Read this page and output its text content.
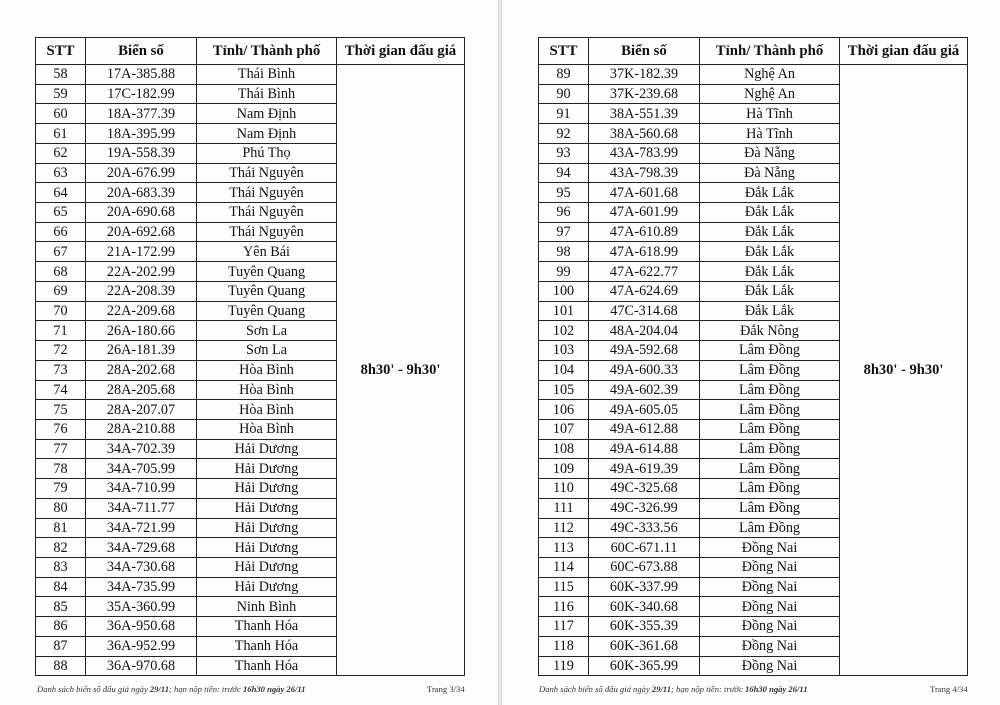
STT	Biển số	Tỉnh/ Thành phố	Thời gian đấu giá
58	17A-385.88	Thái Bình	8h30' - 9h30'
59	17C-182.99	Thái Bình	
60	18A-377.39	Nam Định	
61	18A-395.99	Nam Định	
62	19A-558.39	Phú Thọ	
63	20A-676.99	Thái Nguyên	
64	20A-683.39	Thái Nguyên	
65	20A-690.68	Thái Nguyên	
66	20A-692.68	Thái Nguyên	
67	21A-172.99	Yên Bái	
68	22A-202.99	Tuyên Quang	
69	22A-208.39	Tuyên Quang	
70	22A-209.68	Tuyên Quang	
71	26A-180.66	Sơn La	
72	26A-181.39	Sơn La	
73	28A-202.68	Hòa Bình	
74	28A-205.68	Hòa Bình	
75	28A-207.07	Hòa Bình	
76	28A-210.88	Hòa Bình	
77	34A-702.39	Hải Dương	
78	34A-705.99	Hải Dương	
79	34A-710.99	Hải Dương	
80	34A-711.77	Hải Dương	
81	34A-721.99	Hải Dương	
82	34A-729.68	Hải Dương	
83	34A-730.68	Hải Dương	
84	34A-735.99	Hải Dương	
85	35A-360.99	Ninh Bình	
86	36A-950.68	Thanh Hóa	
87	36A-952.99	Thanh Hóa	
88	36A-970.68	Thanh Hóa	
Danh sách biển số đấu giá ngày 29/11; hạn nộp tiền: trước 16h30 ngày 26/11	Trang 3/34
STT	Biển số	Tỉnh/ Thành phố	Thời gian đấu giá
89	37K-182.39	Nghệ An	8h30' - 9h30'
90	37K-239.68	Nghệ An	
91	38A-551.39	Hà Tĩnh	
92	38A-560.68	Hà Tĩnh	
93	43A-783.99	Đà Nẵng	
94	43A-798.39	Đà Nẵng	
95	47A-601.68	Đắk Lắk	
96	47A-601.99	Đắk Lắk	
97	47A-610.89	Đắk Lắk	
98	47A-618.99	Đắk Lắk	
99	47A-622.77	Đắk Lắk	
100	47A-624.69	Đắk Lắk	
101	47C-314.68	Đắk Lắk	
102	48A-204.04	Đắk Nông	
103	49A-592.68	Lâm Đồng	
104	49A-600.33	Lâm Đồng	
105	49A-602.39	Lâm Đồng	
106	49A-605.05	Lâm Đồng	
107	49A-612.88	Lâm Đồng	
108	49A-614.88	Lâm Đồng	
109	49A-619.39	Lâm Đồng	
110	49C-325.68	Lâm Đồng	
111	49C-326.99	Lâm Đồng	
112	49C-333.56	Lâm Đồng	
113	60C-671.11	Đồng Nai	
114	60C-673.88	Đồng Nai	
115	60K-337.99	Đồng Nai	
116	60K-340.68	Đồng Nai	
117	60K-355.39	Đồng Nai	
118	60K-361.68	Đồng Nai	
119	60K-365.99	Đồng Nai	
Danh sách biển số đấu giá ngày 29/11; hạn nộp tiền: trước 16h30 ngày 26/11	Trang 4/34
